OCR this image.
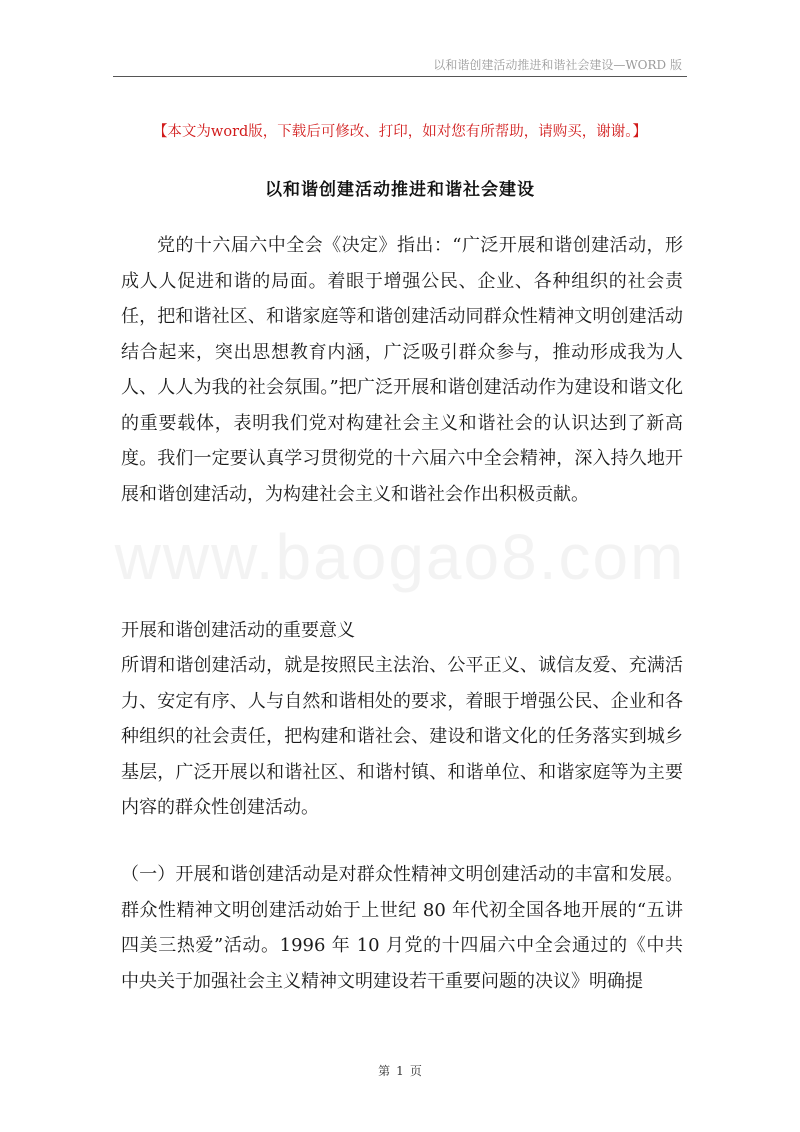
以和谐创建活动推进和谐社会建设—WORD 版
【本文为word版，下载后可修改、打印，如对您有所帮助，请购买，谢谢。】
以和谐创建活动推进和谐社会建设
党的十六届六中全会《决定》指出：“广泛开展和谐创建活动，形成人人促进和谐的局面。着眼于增强公民、企业、各种组织的社会责任，把和谐社区、和谐家庭等和谐创建活动同群众性精神文明创建活动结合起来，突出思想教育内涵，广泛吸引群众参与，推动形成我为人人、人人为我的社会氛围。”把广泛开展和谐创建活动作为建设和谐文化的重要载体，表明我们党对构建社会主义和谐社会的认识达到了新高度。我们一定要认真学习贯彻党的十六届六中全会精神，深入持久地开展和谐创建活动，为构建社会主义和谐社会作出积极贡献。
开展和谐创建活动的重要意义
所谓和谐创建活动，就是按照民主法治、公平正义、诚信友爱、充满活力、安定有序、人与自然和谐相处的要求，着眼于增强公民、企业和各种组织的社会责任，把构建和谐社会、建设和谐文化的任务落实到城乡基层，广泛开展以和谐社区、和谐村镇、和谐单位、和谐家庭等为主要内容的群众性创建活动。
（一）开展和谐创建活动是对群众性精神文明创建活动的丰富和发展。群众性精神文明创建活动始于上世纪 80 年代初全国各地开展的“五讲四美三热爱”活动。1996 年 10 月党的十四届六中全会通过的《中共中央关于加强社会主义精神文明建设若干重要问题的决议》明确提
www.baogao8.com
第 1 页
